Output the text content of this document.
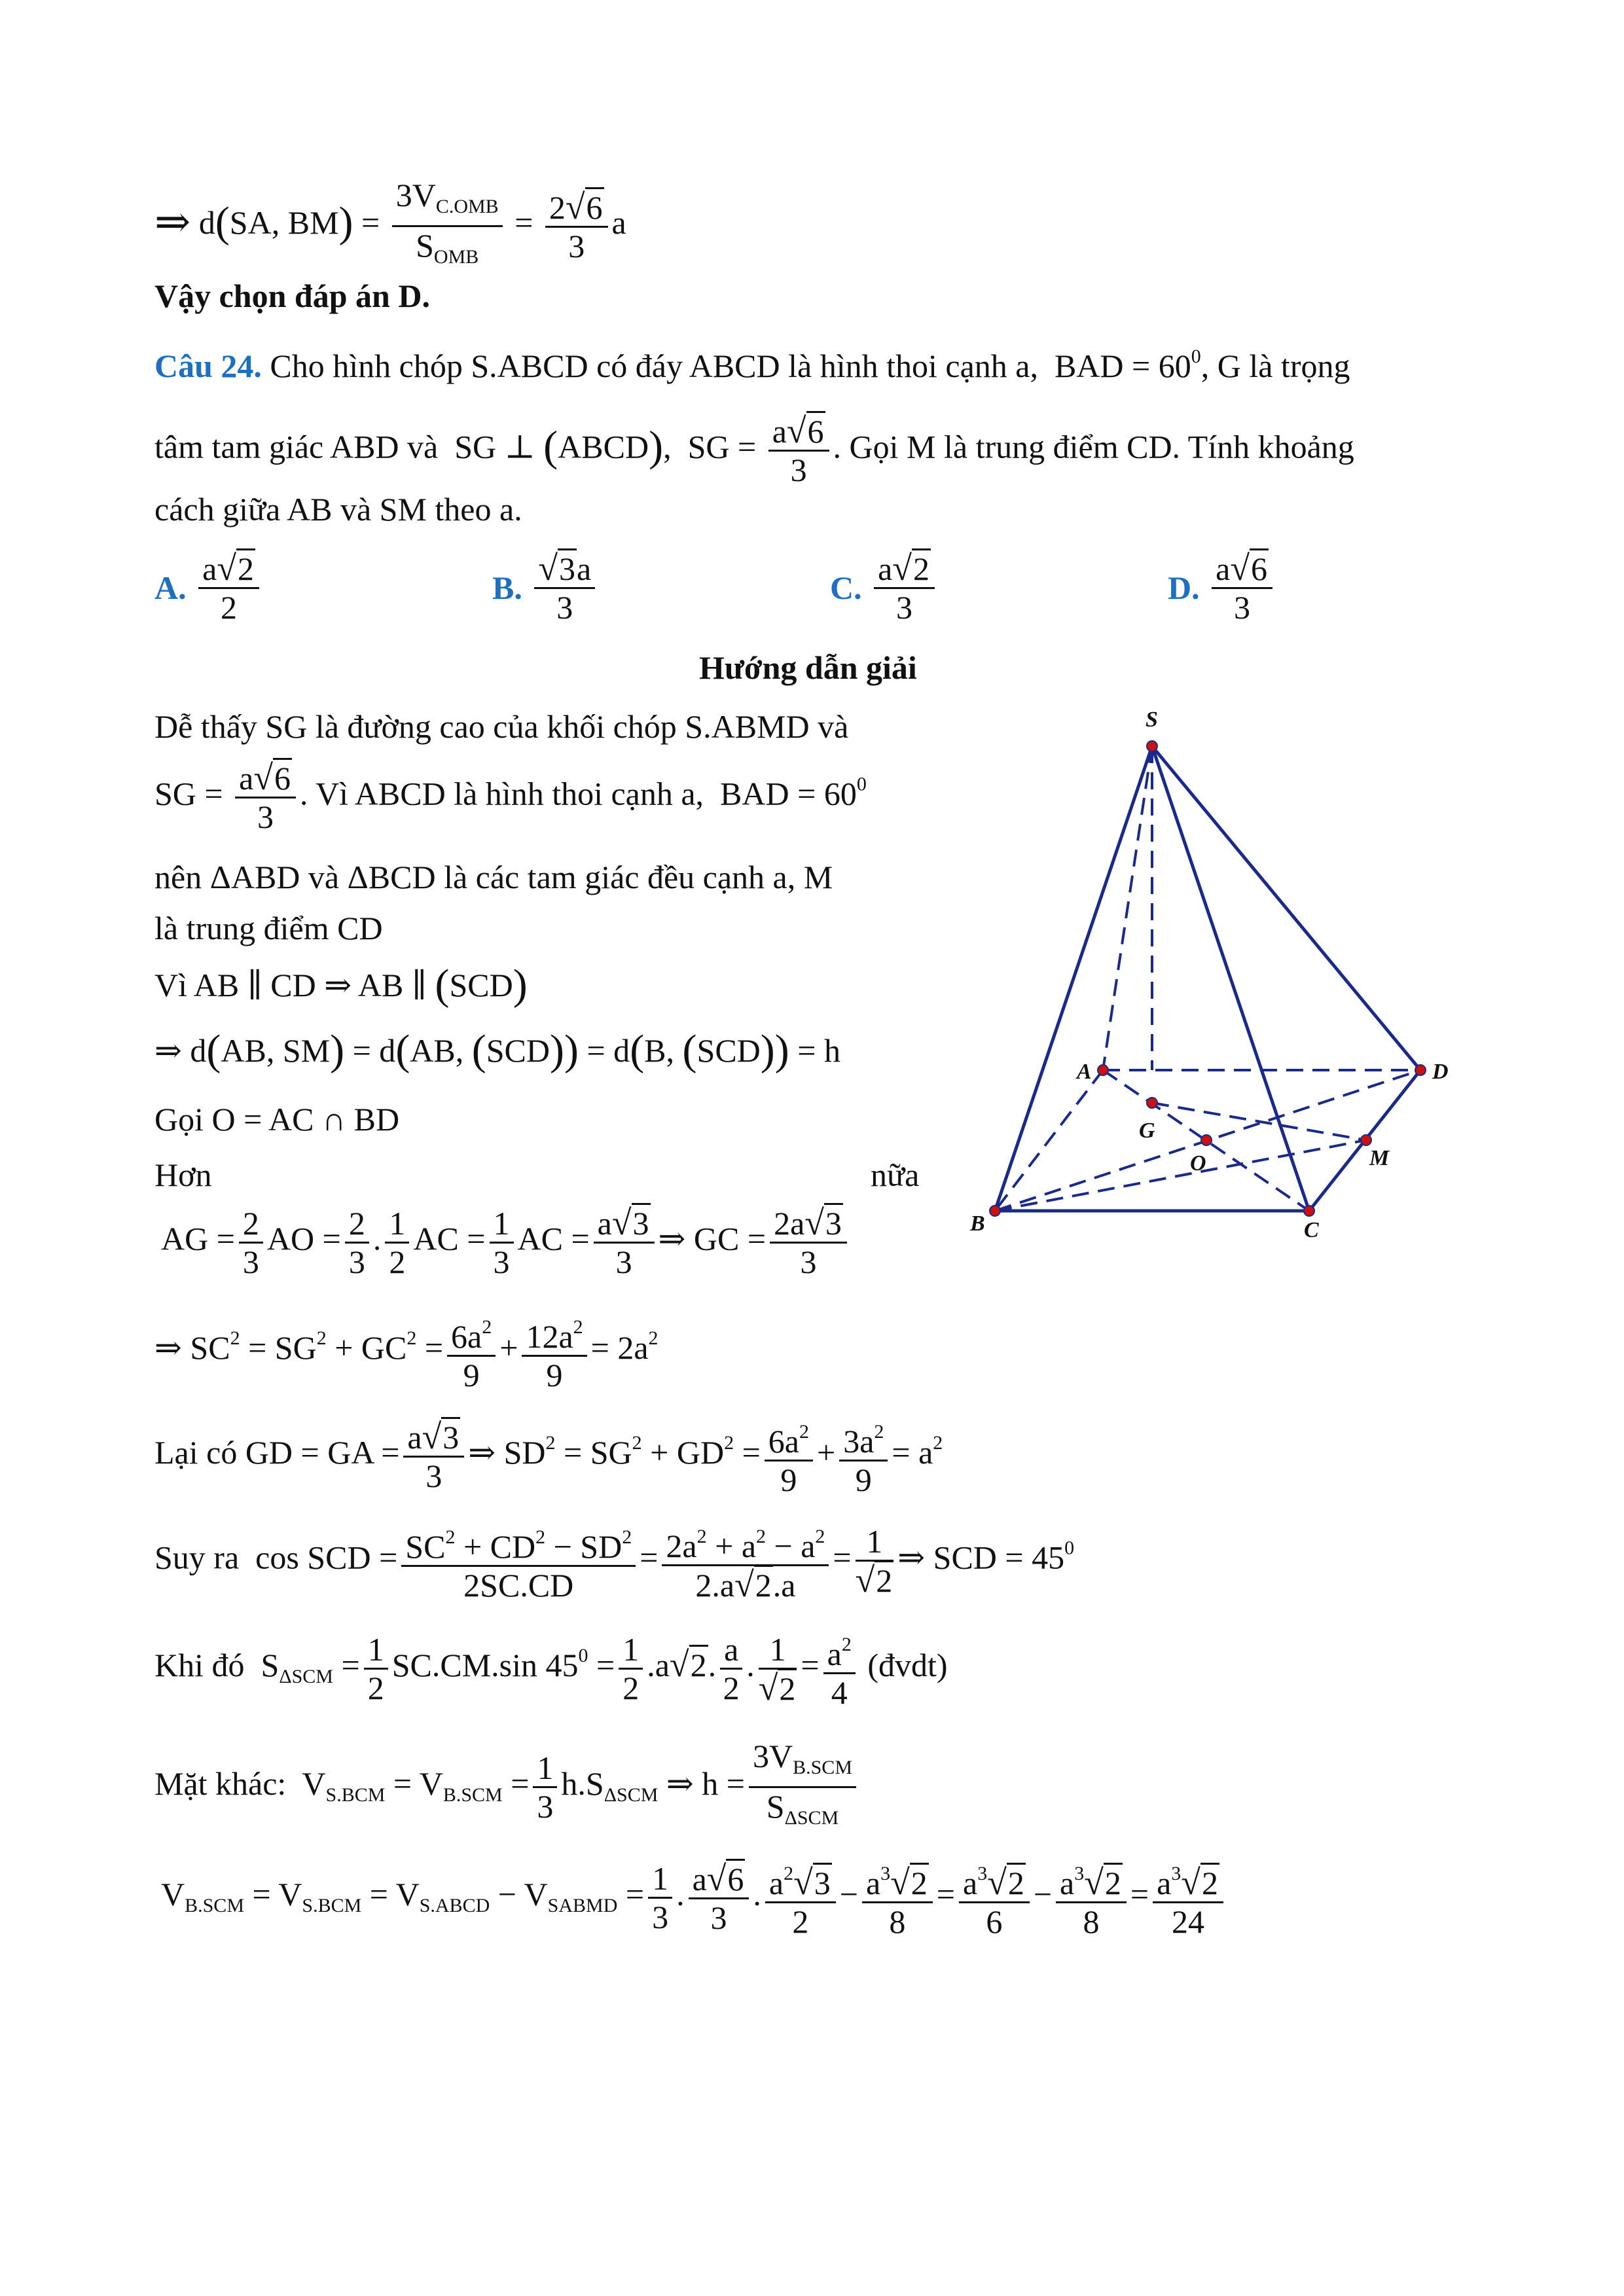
⇒ d(SA, BM) =
$3V_{C.OMB}$
$S_{OMB}$
= $\frac{2√6}{3}$ a
Vậy chọn đáp án D.
Câu 24. Cho hình chóp S.ABCD có đáy ABCD là hình thoi cạnh a,  BAD = $60^0$, G là trọng
tâm tam giác ABD và  SG ⊥ (ABCD),  SG = $\frac{a√6}{3}$ . Gọi M là trung điểm CD. Tính khoảng
cách giữa AB và SM theo a.
A. $\frac{a√2}{2}$	B. $\frac{√3a}{3}$	C. $\frac{a√2}{3}$	D. $\frac{a√6}{3}$
Hướng dẫn giải
Dễ thấy SG là đường cao của khối chóp S.ABMD và
SG = $\frac{a√6}{3}$ . Vì ABCD là hình thoi cạnh a,  BAD = $60^0$
nên ΔABD và ΔBCD là các tam giác đều cạnh a, M
là trung điểm CD
Vì AB ∥ CD ⇒ AB ∥ (SCD)
⇒ d(AB, SM) = d(AB, (SCD)) = d(B, (SCD)) = h
Gọi O = AC ∩ BD
Hơn	nữa
AG = $\frac{2}{3}$ AO = $\frac{2}{3}$ . $\frac{1}{2}$ AC = $\frac{1}{3}$ AC = $\frac{a√3}{3}$ ⇒ GC = $\frac{2a√3}{3}$
⇒ $SC^2 = SG^2 + GC^2 = \frac{6a^2}{9} + \frac{12a^2}{9} = 2a^2$
Lại có GD = GA = $\frac{a√3}{3}$ ⇒ $SD^2 = SG^2 + GD^2 = \frac{6a^2}{9} + \frac{3a^2}{9} = a^2$
Suy ra  cos SCD = $\frac{SC^2 + CD^2 - SD^2}{2SC.CD} = \frac{2a^2 + a^2 - a^2}{2.a√2.a} = \frac{1}{√2}$ ⇒ SCD = $45^0$
Khi đó  $S_{\Delta SCM} = \frac{1}{2} SC.CM.\sin$ $45^0 = \frac{1}{2} .a√2$. $\frac{a}{2}$ . $\frac{1}{√2} = \frac{a^2}{4}$ (đvdt)
Mặt khác:  $V_{S.BCM} = V_{B.SCM} = \frac{1}{3} h.S_{\Delta SCM}$ ⇒ h =
$3V_{B.SCM}$
$S_{\Delta SCM}$
$V_{B.SCM} = V_{S.BCM} = V_{S.ABCD} - V_{SABMD} = \frac{1}{3}$ . $\frac{a√6}{3}$ . $\frac{a^2√3}{2} - \frac{a^3√2}{8} = \frac{a^3√2}{6} - \frac{a^3√2}{8} = \frac{a^3√2}{24}$
S
A	D
G
O	M
B	C
